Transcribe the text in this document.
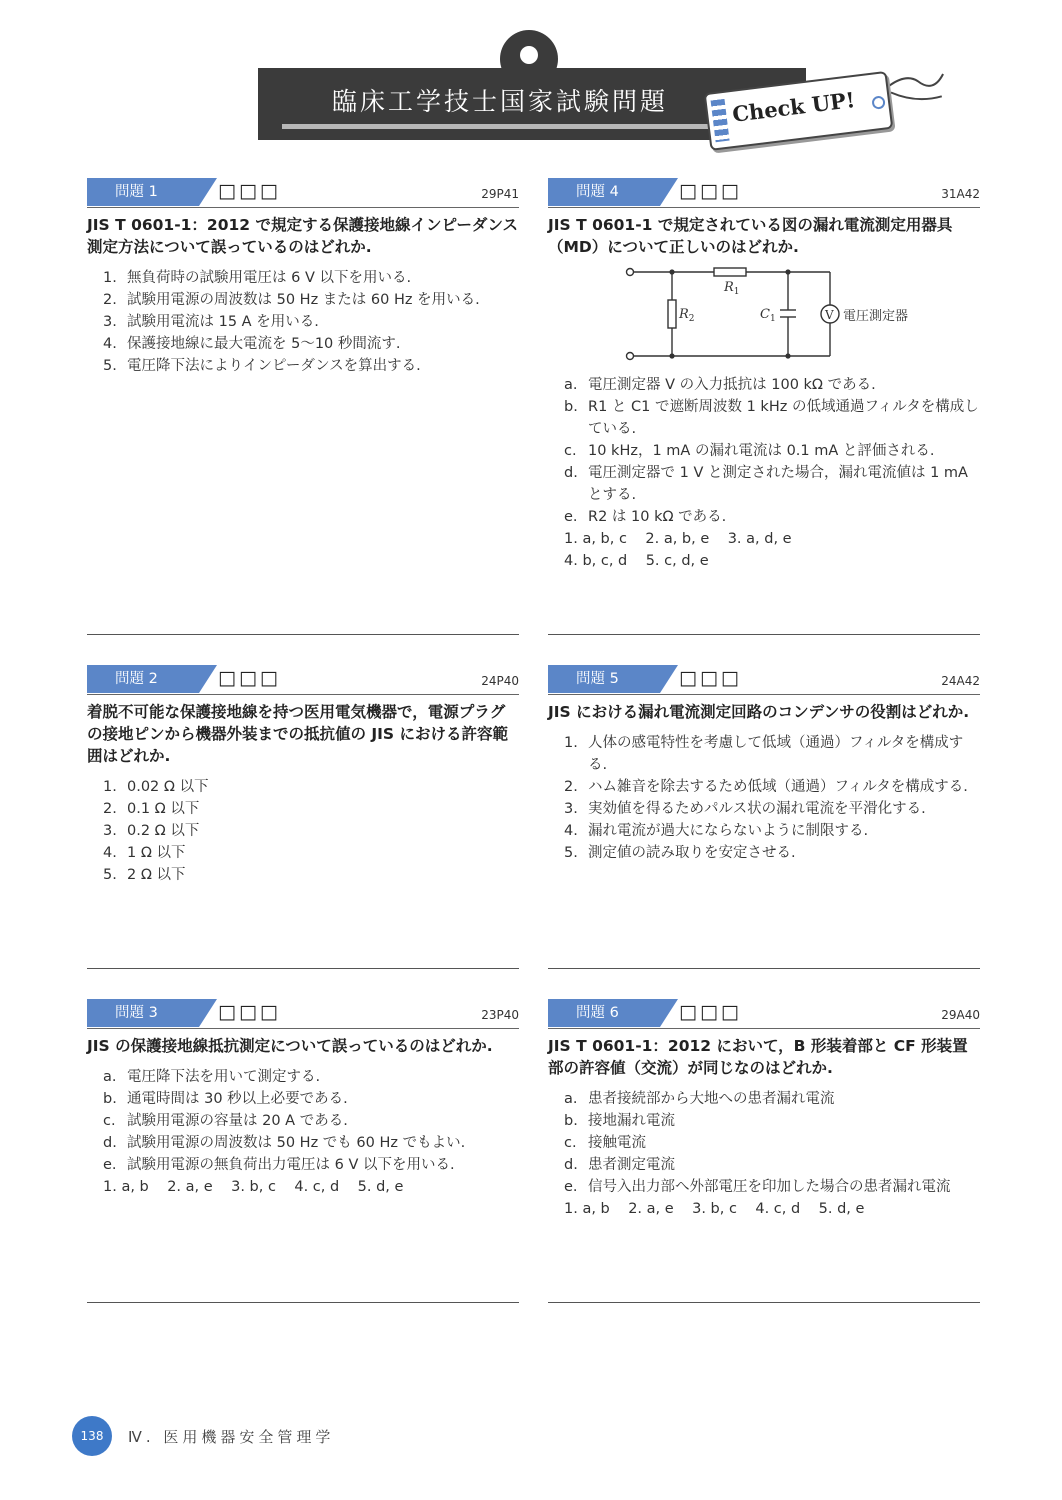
臨床工学技士国家試験問題	Check UP!
問題 1	□□□	29P41
JIS T 0601-1：2012 で規定する保護接地線インピーダンス測定方法について誤っているのはどれか.
1. 無負荷時の試験用電圧は 6 V 以下を用いる.
2. 試験用電源の周波数は 50 Hz または 60 Hz を用いる.
3. 試験用電流は 15 A を用いる.
4. 保護接地線に最大電流を 5～10 秒間流す.
5. 電圧降下法によりインピーダンスを算出する.
問題 4	□□□	31A42
JIS T 0601-1 で規定されている図の漏れ電流測定用器具（MD）について正しいのはどれか.
$R_1$
$R_2$	$C_1$	V 電圧測定器
a. 電圧測定器 V の入力抵抗は 100 kΩ である.
b. R1 と C1 で遮断周波数 1 kHz の低域通過フィルタを構成している.
c. 10 kHz，1 mA の漏れ電流は 0.1 mA と評価される.
d. 電圧測定器で 1 V と測定された場合，漏れ電流値は 1 mA とする.
e. R2 は 10 kΩ である.
1. a, b, c    2. a, b, e    3. a, d, e
4. b, c, d    5. c, d, e
問題 2	□□□	24P40
着脱不可能な保護接地線を持つ医用電気機器で，電源プラグの接地ピンから機器外装までの抵抗値の JIS における許容範囲はどれか.
1. 0.02 Ω 以下
2. 0.1 Ω 以下
3. 0.2 Ω 以下
4. 1 Ω 以下
5. 2 Ω 以下
問題 5	□□□	24A42
JIS における漏れ電流測定回路のコンデンサの役割はどれか.
1. 人体の感電特性を考慮して低域（通過）フィルタを構成する.
2. ハム雑音を除去するため低域（通過）フィルタを構成する.
3. 実効値を得るためパルス状の漏れ電流を平滑化する.
4. 漏れ電流が過大にならないように制限する.
5. 測定値の読み取りを安定させる.
問題 3	□□□	23P40
JIS の保護接地線抵抗測定について誤っているのはどれか.
a. 電圧降下法を用いて測定する.
b. 通電時間は 30 秒以上必要である.
c. 試験用電源の容量は 20 A である.
d. 試験用電源の周波数は 50 Hz でも 60 Hz でもよい.
e. 試験用電源の無負荷出力電圧は 6 V 以下を用いる.
1. a, b    2. a, e    3. b, c    4. c, d    5. d, e
問題 6	□□□	29A40
JIS T 0601-1：2012 において，B 形装着部と CF 形装置部の許容値（交流）が同じなのはどれか.
a. 患者接続部から大地への患者漏れ電流
b. 接地漏れ電流
c. 接触電流
d. 患者測定電流
e. 信号入出力部へ外部電圧を印加した場合の患者漏れ電流
1. a, b    2. a, e    3. b, c    4. c, d    5. d, e
138	Ⅳ. 医用機器安全管理学
